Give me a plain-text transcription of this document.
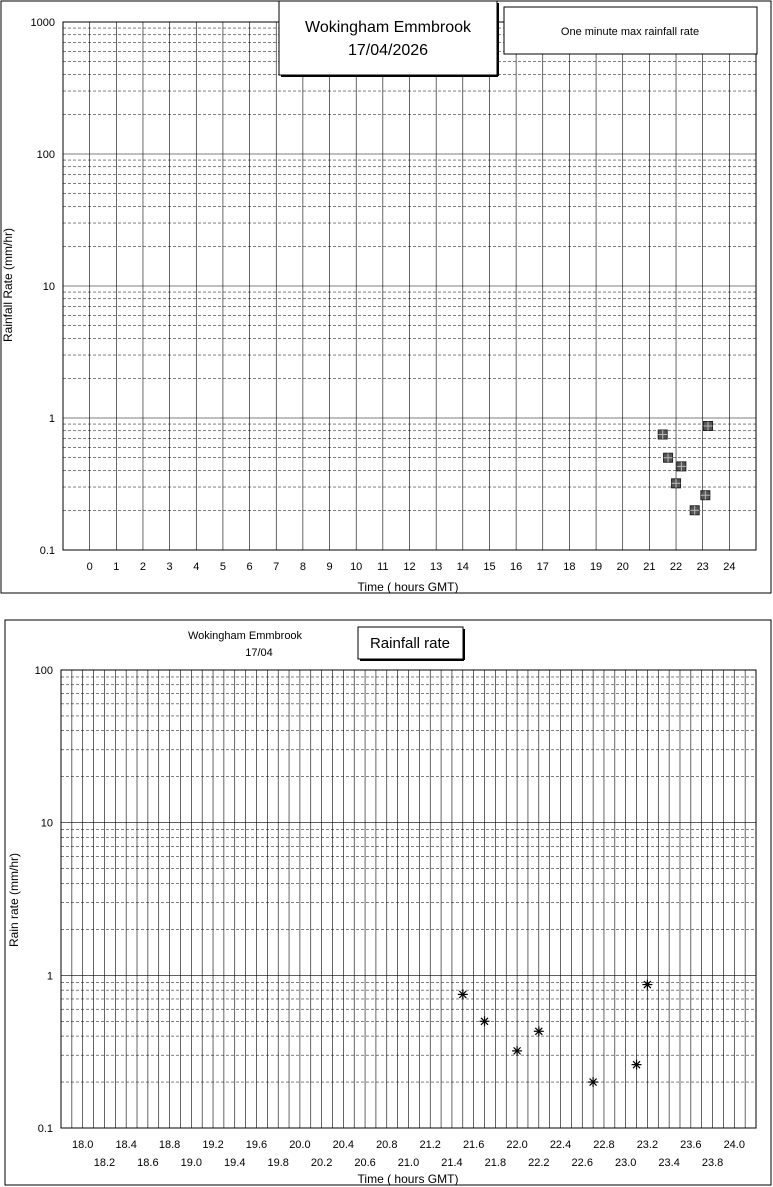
0.1
1
10
100
1000
0 1 2 3 4 5 6 7 8 9 10 11 12 13 14 15 16 17 18 19 20 21 22 23 24
Time ( hours GMT)
Rainfall Rate (mm/hr)
Wokingham Emmbrook
17/04/2026
One minute max rainfall rate
0.1
1
10
100
18.0 18.4 18.8 19.2 19.6 20.0 20.4 20.8 21.2 21.6 22.0 22.4 22.8 23.2 23.6 24.0
18.2 18.6 19.0 19.4 19.8 20.2 20.6 21.0 21.4 21.8 22.2 22.6 23.0 23.4 23.8
Time ( hours GMT)
Rain rate (mm/hr)
Wokingham Emmbrook
17/04
Rainfall rate
